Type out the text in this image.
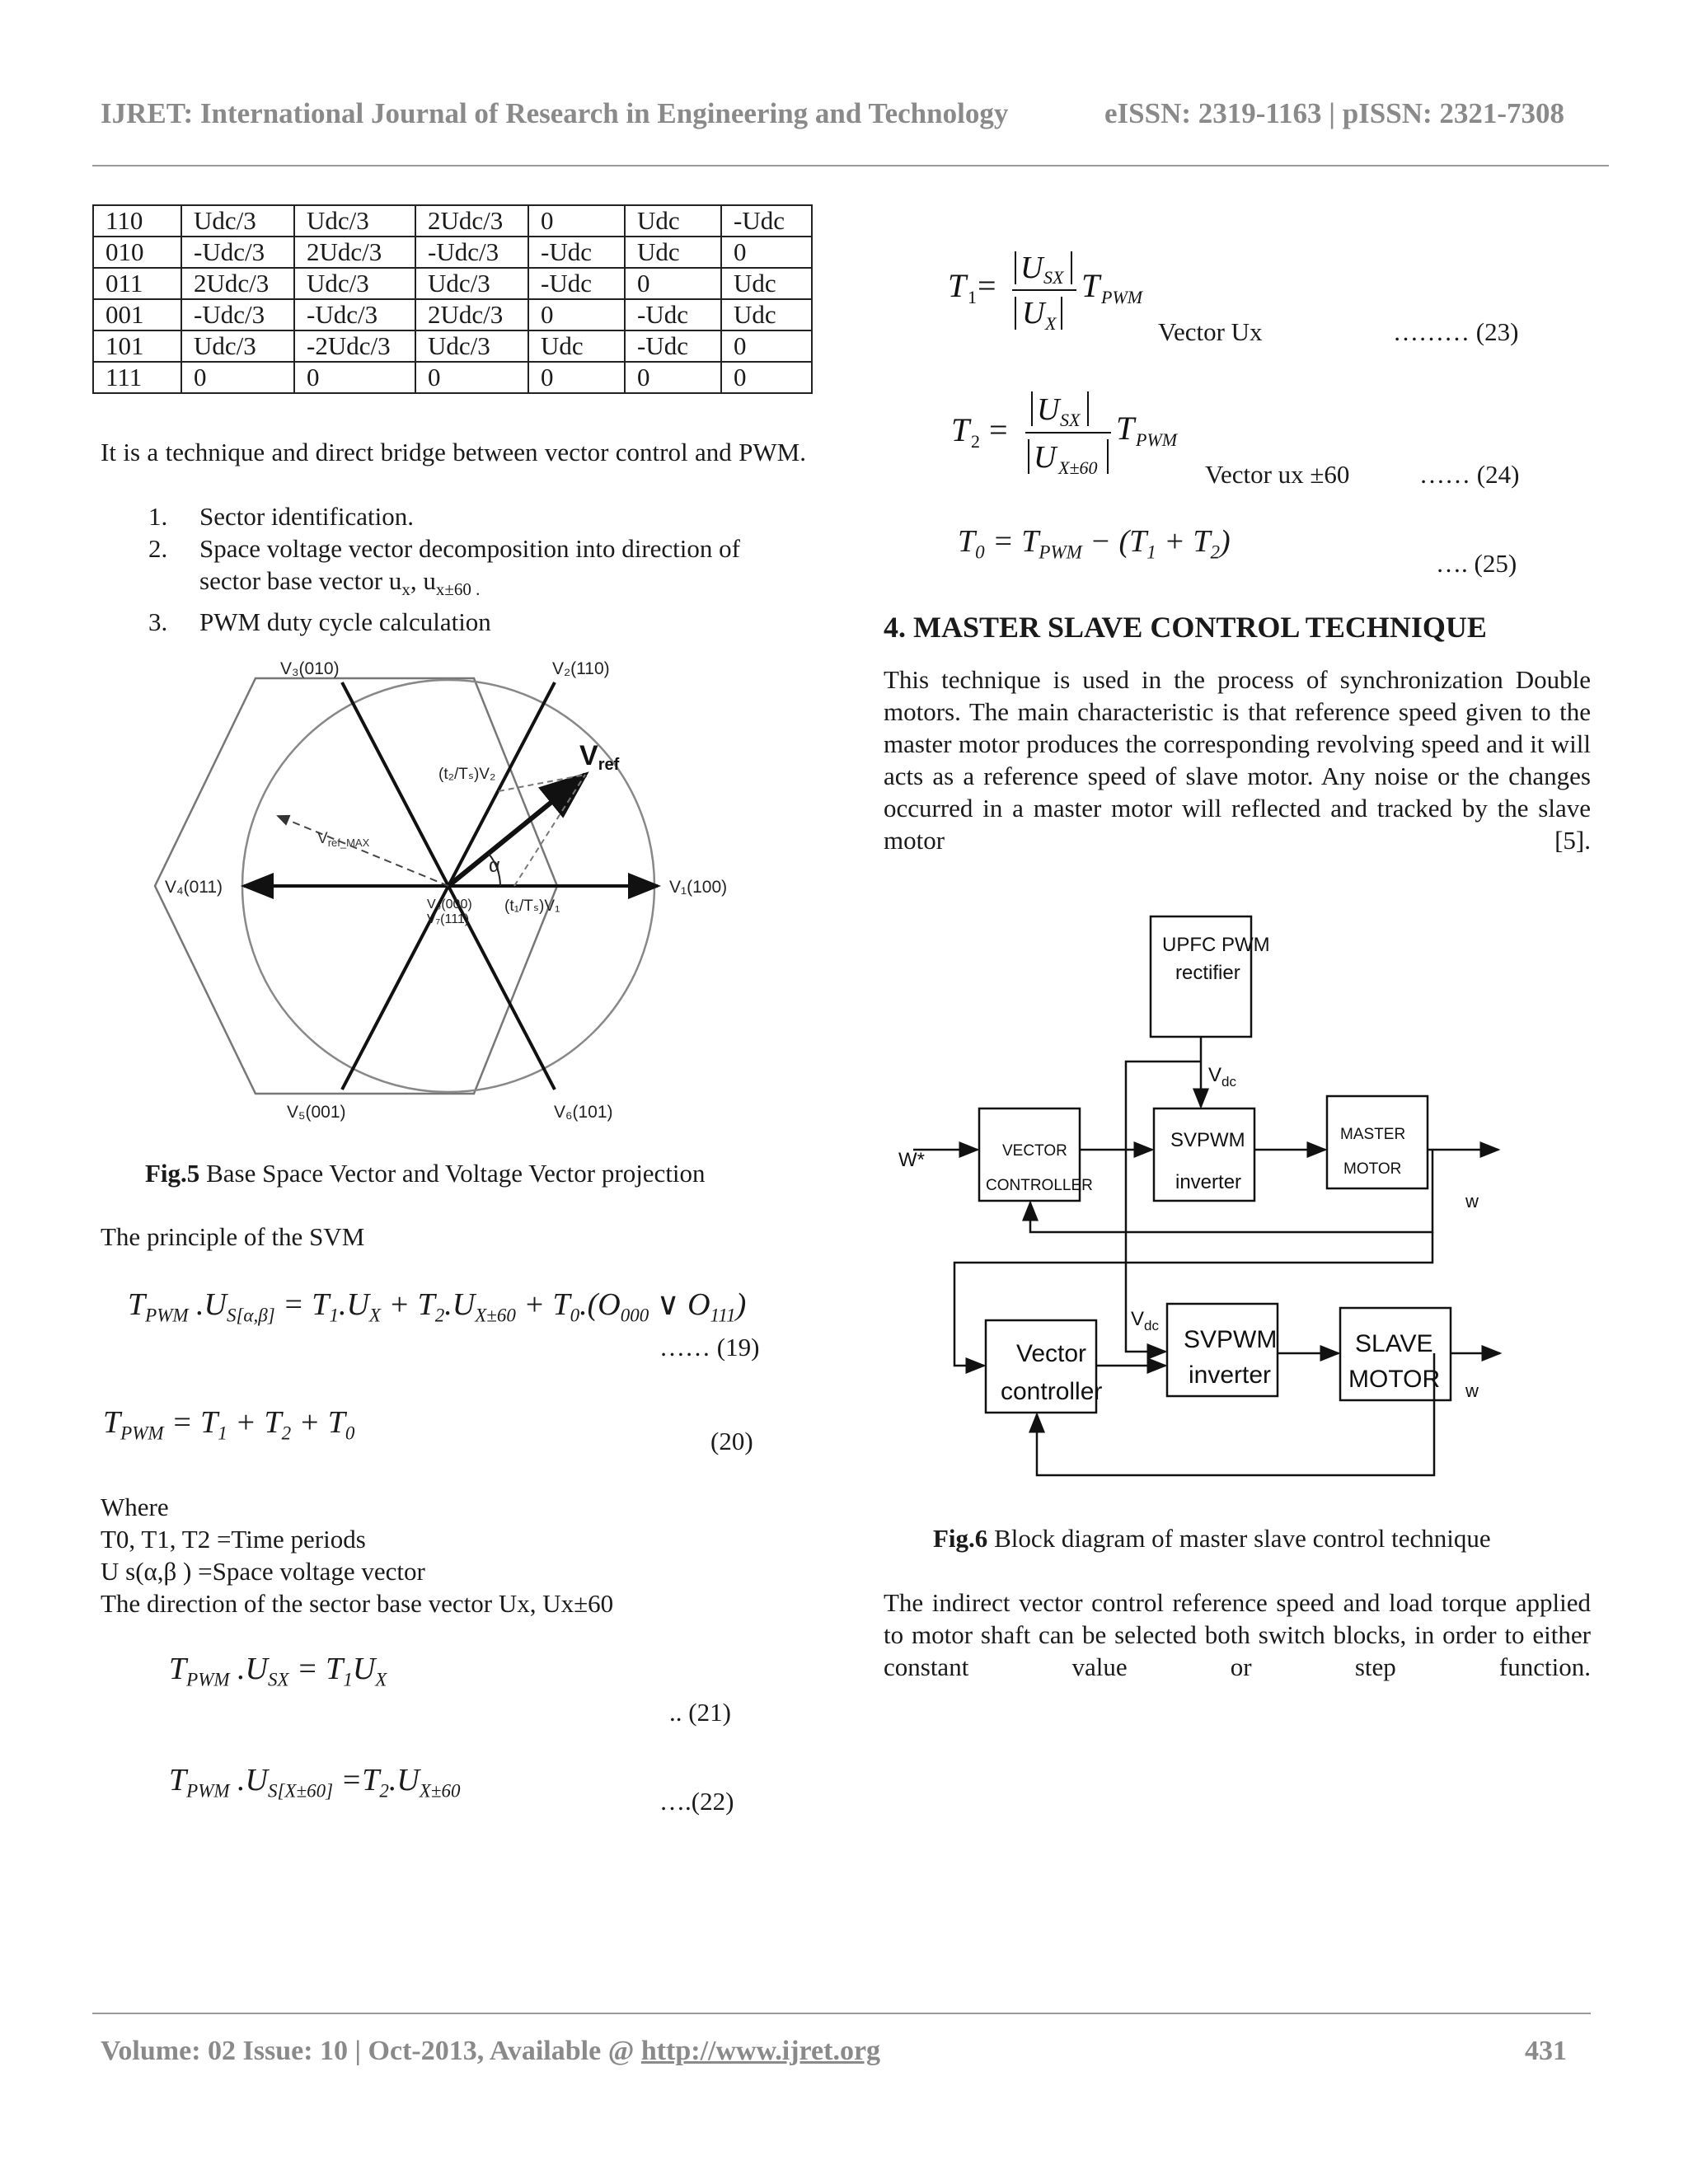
IJRET: International Journal of Research in Engineering and Technology	eISSN: 2319-1163 | pISSN: 2321-7308
110	Udc/3	Udc/3	2Udc/3	0	Udc	-Udc
010	-Udc/3	2Udc/3	-Udc/3	-Udc	Udc	0
011	2Udc/3	Udc/3	Udc/3	-Udc	0	Udc
001	-Udc/3	-Udc/3	2Udc/3	0	-Udc	Udc
101	Udc/3	-2Udc/3	Udc/3	Udc	-Udc	0
111	0	0	0	0	0	0
It is a technique and direct bridge between vector control and PWM.
1. Sector identification.
2. Space voltage vector decomposition into direction of
sector base vector $u_x$, $u_{x\pm 60}$ $_.$
3. PWM duty cycle calculation
V₃(010)	V₂(110)
V₄(011)	V₁(100)
V₅(001)	V₆(101)
V₀(000)
V₇(111)
Vref
(t₂/Tₛ)V₂
(t₁/Tₛ)V₁
α
$V_{ref\_MAX}$
Fig.5 Base Space Vector and Voltage Vector projection
The principle of the SVM
$T_{PWM}$ $.U_{S[\alpha,\beta]} = T_1.U_X + T_2.U_{X\pm 60} + T_0.(O_{000}$ ∨ $O_{111}$)
…… (19)
$T_{PWM} = T_1 + T_2 + T_0$	(20)
Where
T0, T1, T2 =Time periods
U s(α,β ) =Space voltage vector
The direction of the sector base vector Ux, Ux±60
$T_{PWM}$ $.U_{SX} = T_1U_X$
.. (21)
$T_{PWM}$ $.U_{S[X\pm 60]} =T_2.U_{X\pm 60}$	….(22)
T 1 = U SX
U X
T PWM
Vector Ux	……… (23)
T 2 =
U SX
U X±60
T PWM
Vector ux ±60	…… (24)
$T_0 = T_{PWM} - (T_1 + T_2)$
…. (25)
4. MASTER SLAVE CONTROL TECHNIQUE
This technique is used in the process of synchronization Double motors. The main characteristic is that reference speed given to the master motor produces the corresponding revolving speed and it will acts as a reference speed of slave motor. Any noise or the changes occurred in a master motor will reflected and tracked by the slave motor [5].
UPFC PWM
rectifier
$V_{dc}$
W*	VECTOR
CONTROLLER
SVPWM
inverter
MASTER
MOTOR
w
$V_{dc}$
Vector
controller
SVPWM
inverter
SLAVE
MOTOR w
Fig.6 Block diagram of master slave control technique
The indirect vector control reference speed and load torque applied to motor shaft can be selected both switch blocks, in order to either constant value or step function.
Volume: 02 Issue: 10 | Oct-2013, Available @ http://www.ijret.org	431
